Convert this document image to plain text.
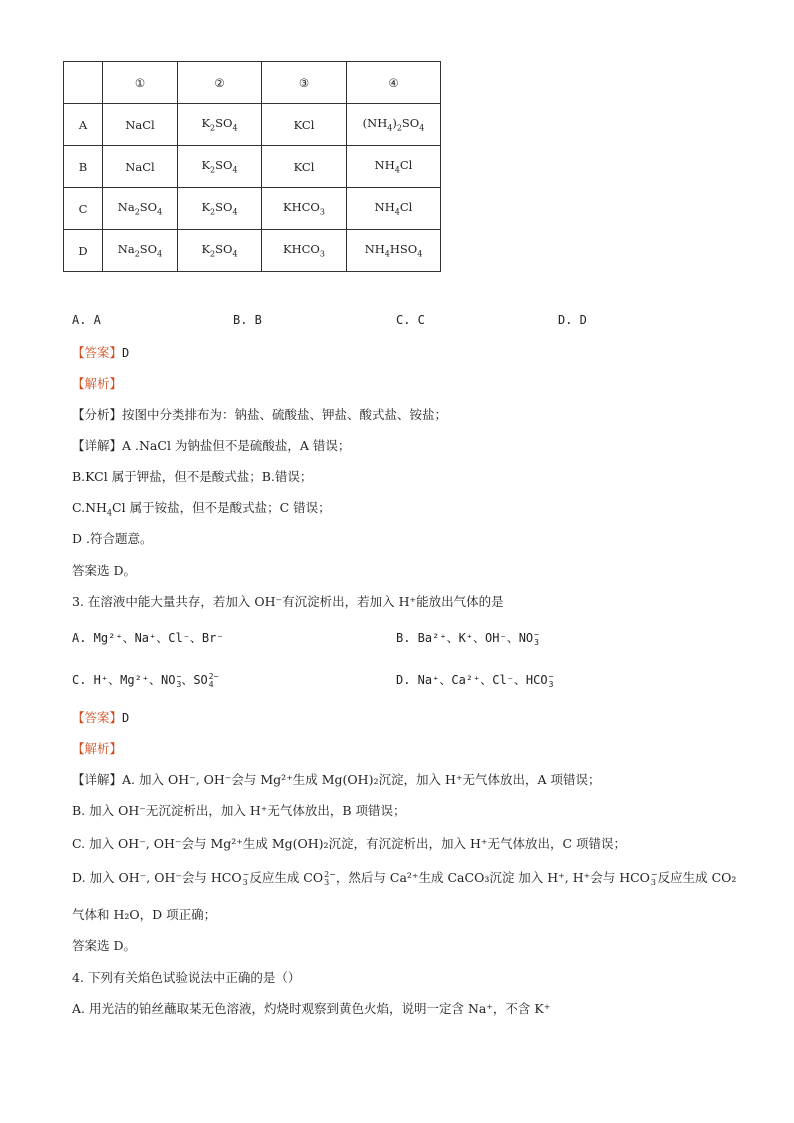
	①	②	③	④
A	NaCl	$K_2SO_4$	KCl	$(NH_4)_2SO_4$
B	NaCl	$K_2SO_4$	KCl	$NH_4Cl$
C	$Na_2SO_4$	$K_2SO_4$	$KHCO_3$	$NH_4Cl$
D	$Na_2SO_4$	$K_2SO_4$	$KHCO_3$	$NH_4HSO_4$
A. A	B. B	C. C	D. D
【答案】D
【解析】
【分析】按图中分类排布为：钠盐、硫酸盐、钾盐、酸式盐、铵盐；
【详解】A .NaCl 为钠盐但不是硫酸盐，A 错误；
B.KCl 属于钾盐，但不是酸式盐；B.错误；
$C.NH_4Cl$ 属于铵盐，但不是酸式盐；C 错误；
D .符合题意。
答案选 D。
3. 在溶液中能大量共存，若加入 OH⁻有沉淀析出，若加入 H⁺能放出气体的是
A. Mg²⁺、Na⁺、Cl⁻、Br⁻	B. Ba²⁺、K⁺、OH⁻、NO −
3
C. H⁺、Mg²⁺、NO −
3 、SO 2−
4	D. Na⁺、Ca²⁺、Cl⁻、HCO −
3
【答案】D
【解析】
【详解】A. 加入 OH⁻, OH⁻会与 Mg²⁺生成 Mg(OH)₂沉淀，加入 H⁺无气体放出，A 项错误；
B. 加入 OH⁻无沉淀析出，加入 H⁺无气体放出，B 项错误；
C. 加入 OH⁻, OH⁻会与 Mg²⁺生成 Mg(OH)₂沉淀，有沉淀析出，加入 H⁺无气体放出，C 项错误；
D. 加入 OH⁻, OH⁻会与 HCO −
3 反应生成 CO 2−
3 ，然后与 Ca²⁺生成 CaCO₃沉淀 加入 H⁺, H⁺会与 HCO −
3 反应生成 CO₂
气体和 H₂O，D 项正确；
答案选 D。
4. 下列有关焰色试验说法中正确的是（）
A. 用光洁的铂丝蘸取某无色溶液，灼烧时观察到黄色火焰，说明一定含 Na⁺，不含 K⁺
